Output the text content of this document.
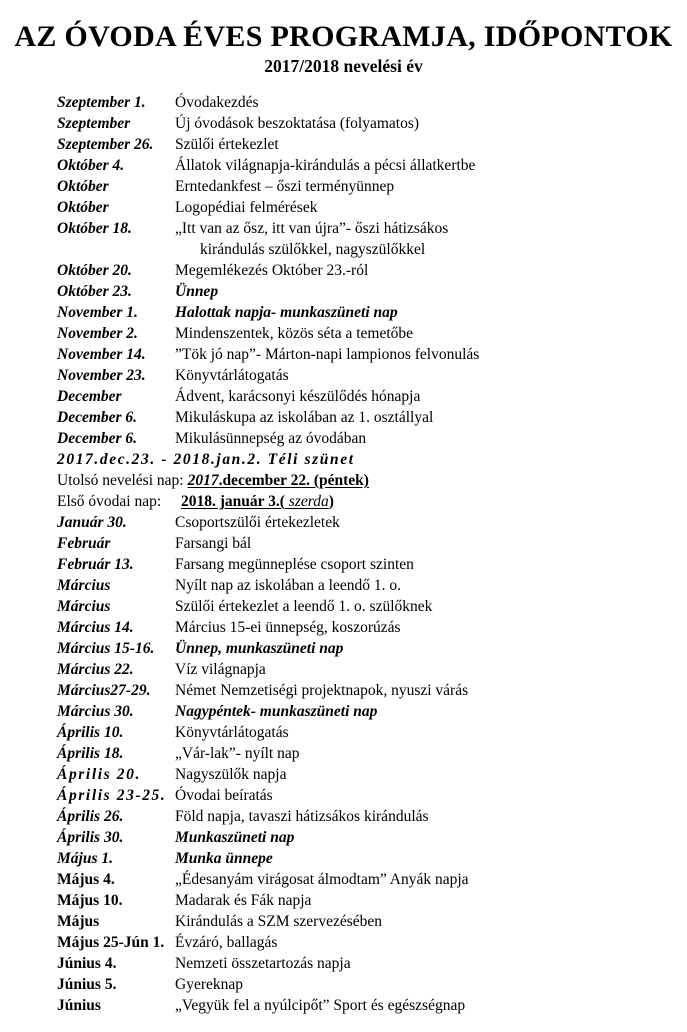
AZ ÓVODA ÉVES PROGRAMJA, IDŐPONTOK
2017/2018 nevelési év
Szeptember 1.	Óvodakezdés
Szeptember	Új óvodások beszoktatása (folyamatos)
Szeptember 26.	Szülői értekezlet
Október 4.	Állatok világnapja-kirándulás a pécsi állatkertbe
Október	Erntedankfest – őszi terményünnep
Október	Logopédiai felmérések
Október 18.	„Itt van az ősz, itt van újra”- őszi hátizsákos
kirándulás szülőkkel, nagyszülőkkel
Október 20.	Megemlékezés Október 23.-ról
Október 23.	Ünnep
November 1.	Halottak napja- munkaszüneti nap
November 2.	Mindenszentek, közös séta a temetőbe
November 14.	”Tök jó nap”- Márton-napi lampionos felvonulás
November 23.	Könyvtárlátogatás
December	Ádvent, karácsonyi készülődés hónapja
December 6.	Mikuláskupa az iskolában az 1. osztállyal
December 6.	Mikulásünnepség az óvodában
2017.dec.23. - 2018.jan.2. Téli szünet
Utolsó nevelési nap: 2017.december 22. (péntek)
Első óvodai nap:	2018. január 3.( szerda)
Január 30.	Csoportszülői értekezletek
Február	Farsangi bál
Február 13.	Farsang megünneplése csoport szinten
Március	Nyílt nap az iskolában a leendő 1. o.
Március	Szülői értekezlet a leendő 1. o. szülőknek
Március 14.	Március 15-ei ünnepség, koszorúzás
Március 15-16.	Ünnep, munkaszüneti nap
Március 22.	Víz világnapja
Március27-29.	Német Nemzetiségi projektnapok, nyuszi várás
Március 30.	Nagypéntek- munkaszüneti nap
Április 10.	Könyvtárlátogatás
Április 18.	„Vár-lak”- nyílt nap
Április 20.	Nagyszülők napja
Április 23-25. Óvodai beíratás
Április 26.	Föld napja, tavaszi hátizsákos kirándulás
Április 30.	Munkaszüneti nap
Május 1.	Munka ünnepe
Május 4.	„Édesanyám virágosat álmodtam” Anyák napja
Május 10.	Madarak és Fák napja
Május	Kirándulás a SZM szervezésében
Május 25-Jún 1. Évzáró, ballagás
Június 4.	Nemzeti összetartozás napja
Június 5.	Gyereknap
Június	„Vegyük fel a nyúlcipőt” Sport és egészségnap
